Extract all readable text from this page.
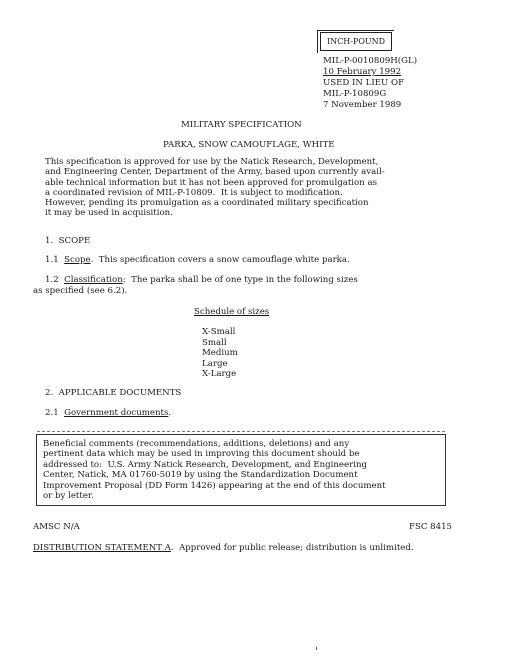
INCH-POUND
MIL-P-0010809H(GL)
10 February 1992
USED IN LIEU OF
MIL-P-10809G
7 November 1989
MILITARY SPECIFICATION
PARKA, SNOW CAMOUFLAGE, WHITE
This specification is approved for use by the Natick Research, Development,
and Engineering Center, Department of the Army, based upon currently avail-
able technical information but it has not been approved for promulgation as
a coordinated revision of MIL-P-10809.  It is subject to modification.
However, pending its promulgation as a coordinated military specification
it may be used in acquisition.
1.  SCOPE
1.1 Scope.  This specification covers a snow camouflage white parka.
1.2 Classification:  The parka shall be of one type in the following sizes
as specified (see 6.2).
Schedule of sizes
X-Small
Small
Medium
Large
X-Large
2.  APPLICABLE DOCUMENTS
2.1 Government documents.
Beneficial comments (recommendations, additions, deletions) and any
pertinent data which may be used in improving this document should be
addressed to:  U.S. Army Natick Research, Development, and Engineering
Center, Natick, MA 01760-5019 by using the Standardization Document
Improvement Proposal (DD Form 1426) appearing at the end of this document
or by letter.
AMSC N/A	FSC 8415
DISTRIBUTION STATEMENT A.  Approved for public release; distribution is unlimited.
